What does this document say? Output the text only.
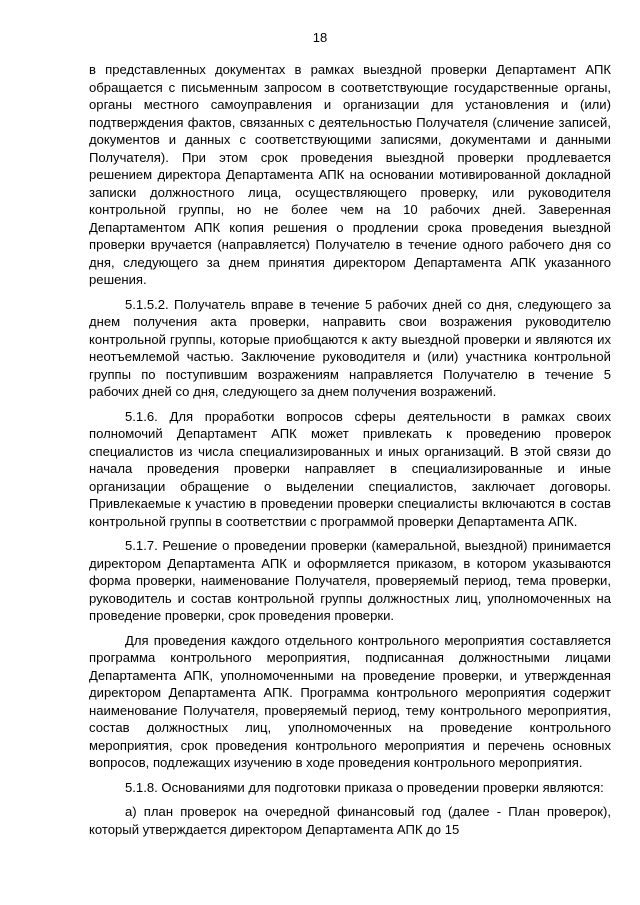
18

в представленных документах в рамках выездной проверки Департамент АПК обращается с письменным запросом в соответствующие государственные органы, органы местного самоуправления и организации для установления и (или) подтверждения фактов, связанных с деятельностью Получателя (сличение записей, документов и данных с соответствующими записями, документами и данными Получателя). При этом срок проведения выездной проверки продлевается решением директора Департамента АПК на основании мотивированной докладной записки должностного лица, осуществляющего проверку, или руководителя контрольной группы, но не более чем на 10 рабочих дней. Заверенная Департаментом АПК копия решения о продлении срока проведения выездной проверки вручается (направляется) Получателю в течение одного рабочего дня со дня, следующего за днем принятия директором Департамента АПК указанного решения.

5.1.5.2. Получатель вправе в течение 5 рабочих дней со дня, следующего за днем получения акта проверки, направить свои возражения руководителю контрольной группы, которые приобщаются к акту выездной проверки и являются их неотъемлемой частью. Заключение руководителя и (или) участника контрольной группы по поступившим возражениям направляется Получателю в течение 5 рабочих дней со дня, следующего за днем получения возражений.

5.1.6. Для проработки вопросов сферы деятельности в рамках своих полномочий Департамент АПК может привлекать к проведению проверок специалистов из числа специализированных и иных организаций. В этой связи до начала проведения проверки направляет в специализированные и иные организации обращение о выделении специалистов, заключает договоры. Привлекаемые к участию в проведении проверки специалисты включаются в состав контрольной группы в соответствии с программой проверки Департамента АПК.

5.1.7. Решение о проведении проверки (камеральной, выездной) принимается директором Департамента АПК и оформляется приказом, в котором указываются форма проверки, наименование Получателя, проверяемый период, тема проверки, руководитель и состав контрольной группы должностных лиц, уполномоченных на проведение проверки, срок проведения проверки.

Для проведения каждого отдельного контрольного мероприятия составляется программа контрольного мероприятия, подписанная должностными лицами Департамента АПК, уполномоченными на проведение проверки, и утвержденная директором Департамента АПК. Программа контрольного мероприятия содержит наименование Получателя, проверяемый период, тему контрольного мероприятия, состав должностных лиц, уполномоченных на проведение контрольного мероприятия, срок проведения контрольного мероприятия и перечень основных вопросов, подлежащих изучению в ходе проведения контрольного мероприятия.

5.1.8. Основаниями для подготовки приказа о проведении проверки являются:

а) план проверок на очередной финансовый год (далее - План проверок), который утверждается директором Департамента АПК до 15
